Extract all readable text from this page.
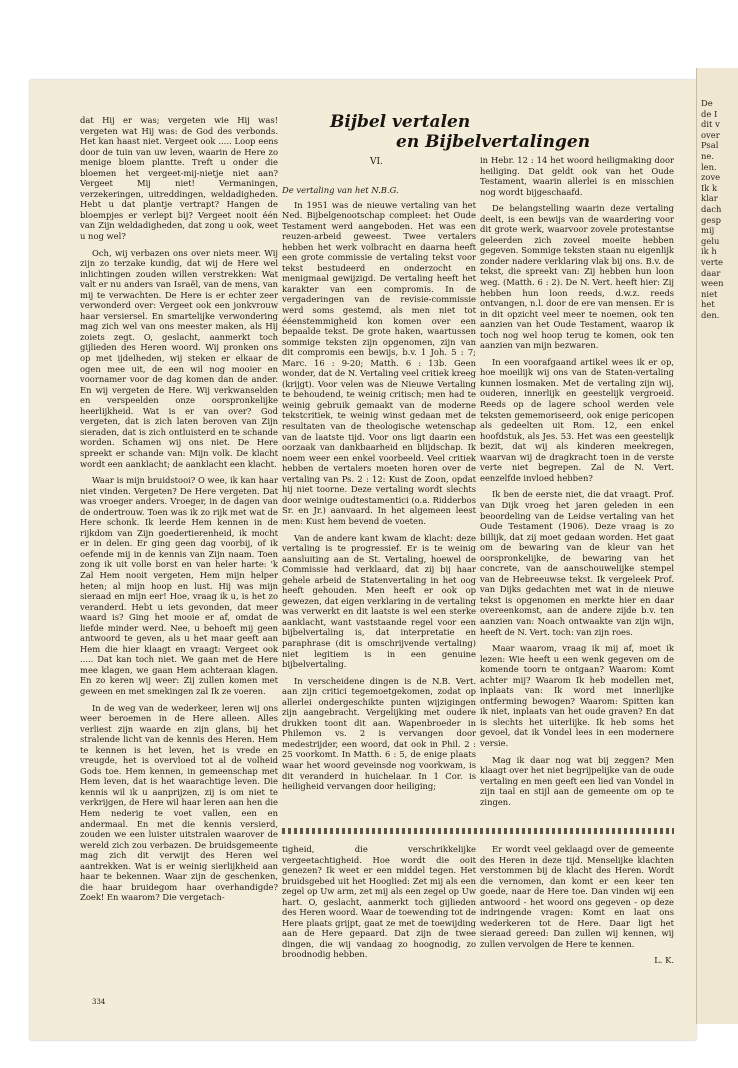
De
de I
dit v
over
Psal
ne.
len.
zove
Ik k
klar
dach
gesp
mij
gelu
ik h
verte
daar
ween
niet
het
den.
Bijbel vertalen
en Bijbelvertalingen
VI.

dat Hij er was; vergeten wie Hij was! vergeten wat Hij was: de God des verbonds. Het kan haast niet. Vergeet ook ..... Loop eens door de tuin van uw leven, waarin de Here zo menige bloem plantte. Treft u onder die bloemen het vergeet-mij-nietje niet aan? Vergeet Mij niet! Vermaningen, verzekeringen, uitreddingen, weldadigheden. Hebt u dat plantje vertrapt? Hangen de bloempjes er verlept bij? Vergeet nooit één van Zijn weldadigheden, dat zong u ook, weet u nog wel?

Och, wij verbazen ons over niets meer. Wij zijn zo terzake kundig, dat wij de Here wel inlichtingen zouden willen verstrekken: Wat valt er nu anders van Israël, van de mens, van mij te verwachten. De Here is er echter zeer verwonderd over: Vergeet ook een jonkvrouw haar versiersel. En smartelijke verwondering mag zich wel van ons meester maken, als Hij zoiets zegt. O, geslacht, aanmerkt toch gijlieden des Heren woord. Wij pronken ons op met ijdelheden, wij steken er elkaar de ogen mee uit, de een wil nog mooier en voornamer voor de dag komen dan de ander. En wij vergeten de Here. Wij verkwanselden en verspeelden onze oorspronkelijke heerlijkheid. Wat is er van over? God vergeten, dat is zich laten beroven van Zijn sieraden, dat is zich ontluisterd en te schande worden. Schamen wij ons niet. De Here spreekt er schande van: Mijn volk. De klacht wordt een aanklacht; de aanklacht een klacht.

Waar is mijn bruidstooi? O wee, ik kan haar niet vinden. Vergeten? De Here vergeten. Dat was vroeger anders. Vroeger, in de dagen van de ondertrouw. Toen was ik zo rijk met wat de Here schonk. Ik leerde Hem kennen in de rijkdom van Zijn goedertierenheid, ik mocht er in delen. Er ging geen dag voorbij, of ik oefende mij in de kennis van Zijn naam. Toen zong ik uit volle borst en van heler harte: 'k Zal Hem nooit vergeten, Hem mijn helper heten; al mijn hoop en lust. Hij was mijn sieraad en mijn eer! Hoe, vraag ik u, is het zo veranderd. Hebt u iets gevonden, dat meer waard is? Ging het mooie er af, omdat de liefde minder werd. Nee, u behoeft mij geen antwoord te geven, als u het maar geeft aan Hem die hier klaagt en vraagt: Vergeet ook ..... Dat kan toch niet. We gaan met de Here mee klagen, we gaan Hem achteraan klagen. En zo keren wij weer: Zij zullen komen met geween en met smekingen zal Ik ze voeren.

In de weg van de wederkeer, leren wij ons weer beroemen in de Here alleen. Alles verliest zijn waarde en zijn glans, bij het stralende licht van de kennis des Heren. Hem te kennen is het leven, het is vrede en vreugde, het is overvloed tot al de volheid Gods toe. Hem kennen, in gemeenschap met Hem leven, dat is het waarachtige leven. Die kennis wil ik u aanprijzen, zij is om niet te verkrijgen, de Here wil haar leren aan hen die Hem nederig te voet vallen, een en andermaal. En met die kennis versierd, zouden we een luister uitstralen waarover de wereld zich zou verbazen. De bruidsgemeente mag zich dit verwijt des Heren wel aantrekken. Wat is er weinig sierlijkheid aan haar te bekennen. Waar zijn de geschenken, die haar bruidegom haar overhandigde? Zoek! En waarom? Die vergetach-

De vertaling van het N.B.G.

In 1951 was de nieuwe vertaling van het Ned. Bijbelgenootschap compleet: het Oude Testament werd aangeboden. Het was een reuzen-arbeid geweest. Twee vertalers hebben het werk volbracht en daarna heeft een grote commissie de vertaling tekst voor tekst bestudeerd en onderzocht en menigmaal gewijzigd. De vertaling heeft het karakter van een compromis. In de vergaderingen van de revisie-commissie werd soms gestemd, als men niet tot ééenstemmigheid kon komen over een bepaalde tekst. De grote haken, waartussen sommige teksten zijn opgenomen, zijn van dit compromis een bewijs, b.v. 1 Joh. 5 : 7; Marc. 16 : 9-20; Matth. 6 : 13b. Geen wonder, dat de N. Vertaling veel critiek kreeg (krijgt). Voor velen was de Nieuwe Vertaling te behoudend, te weinig critisch; men had te weinig gebruik gemaakt van de moderne tekstcritiek, te weinig winst gedaan met de resultaten van de theologische wetenschap van de laatste tijd. Voor ons ligt daarin een oorzaak van dankbaarheid en blijdschap. Ik noem weer een enkel voorbeeld. Veel critiek hebben de vertalers moeten horen over de vertaling van Ps. 2 : 12: Kust de Zoon, opdat hij niet toorne. Deze vertaling wordt slechts door weinige oudtestamentici (o.a. Ridderbos Sr. en Jr.) aanvaard. In het algemeen leest men: Kust hem bevend de voeten.

Van de andere kant kwam de klacht: deze vertaling is te progressief. Er is te weinig aansluiting aan de St. Vertaling, hoewel de Commissie had verklaard, dat zij bij haar gehele arbeid de Statenvertaling in het oog heeft gehouden. Men heeft er ook op gewezen, dat eigen verklaring in de vertaling was verwerkt en dit laatste is wel een sterke aanklacht, want vaststaande regel voor een bijbelvertaling is, dat interpretatie en paraphrase (dit is omschrijvende vertaling) niet legitiem is in een genuine bijbelvertaling.

In verscheidene dingen is de N.B. Vert. aan zijn critici tegemoetgekomen, zodat op allerlei ondergeschikte punten wijzigingen zijn aangebracht. Vergelijking met oudere drukken toont dit aan. Wapenbroeder in Philemon vs. 2 is vervangen door medestrijder, een woord, dat ook in Phil. 2 : 25 voorkomt. In Matth. 6 : 5, de enige plaats waar het woord geveinsde nog voorkwam, is dit veranderd in huichelaar. In 1 Cor. is heiligheid vervangen door heiliging;

in Hebr. 12 : 14 het woord heiligmaking door heiliging. Dat geldt ook van het Oude Testament, waarin allerlei is en misschien nog wordt bijgeschaafd.

De belangstelling waarin deze vertaling deelt, is een bewijs van de waardering voor dit grote werk, waarvoor zovele protestantse geleerden zich zoveel moeite hebben gegeven. Sommige teksten staan nu eigenlijk zonder nadere verklaring vlak bij ons. B.v. de tekst, die spreekt van: Zij hebben hun loon weg. (Matth. 6 : 2). De N. Vert. heeft hier: Zij hebben hun loon reeds, d.w.z. reeds ontvangen, n.l. door de ere van mensen. Er is in dit opzicht veel meer te noemen, ook ten aanzien van het Oude Testament, waarop ik toch nog wel hoop terug te komen, ook ten aanzien van mijn bezwaren.

In een voorafgaand artikel wees ik er op, hoe moeilijk wij ons van de Staten-vertaling kunnen losmaken. Met de vertaling zijn wij, ouderen, innerlijk en geestelijk vergroeid. Reeds op de lagere school werden vele teksten gememoriseerd, ook enige pericopen als gedeelten uit Rom. 12, een enkel hoofdstuk, als Jes. 53. Het was een geestelijk bezit, dat wij als kinderen meekregen, waarvan wij de dragkracht toen in de verste verte niet begrepen. Zal de N. Vert. eenzelfde invloed hebben?

Ik ben de eerste niet, die dat vraagt. Prof. van Dijk vroeg het jaren geleden in een beoordeling van de Leidse vertaling van het Oude Testament (1906). Deze vraag is zo billijk, dat zij moet gedaan worden. Het gaat om de bewaring van de kleur van het oorspronkelijke, de bewaring van het concrete, van de aanschouwelijke stempel van de Hebreeuwse tekst. Ik vergeleek Prof. van Dijks gedachten met wat in de nieuwe tekst is opgenomen en merkte hier en daar overeenkomst, aan de andere zijde b.v. ten aanzien van: Noach ontwaakte van zijn wijn, heeft de N. Vert. toch: van zijn roes.

Maar waarom, vraag ik mij af, moet ik lezen: Wie heeft u een wenk gegeven om de komende toorn te ontgaan? Waarom: Komt achter mij? Waarom Ik heb modellen met, inplaats van: Ik word met innerlijke ontferming bewogen? Waarom: Spitten kan ik niet, inplaats van het oude graven? En dat is slechts het uiterlijke. Ik heb soms het gevoel, dat ik Vondel lees in een modernere versie.

Mag ik daar nog wat bij zeggen? Men klaagt over het niet begrijpelijke van de oude vertaling en men geeft een lied van Vondel in zijn taal en stijl aan de gemeente om op te zingen.

tigheid, die verschrikkelijke vergeetachtigheid. Hoe wordt die ooit genezen? Ik weet er een middel tegen. Het bruidsgebed uit het Hooglied: Zet mij als een zegel op Uw arm, zet mij als een zegel op Uw hart. O, geslacht, aanmerkt toch gijlieden des Heren woord. Waar de toewending tot de Here plaats grijpt, gaat ze met de toewijding aan de Here gepaard. Dat zijn de twee dingen, die wij vandaag zo hoognodig, zo broodnodig hebben.

Er wordt veel geklaagd over de gemeente des Heren in deze tijd. Menselijke klachten verstommen bij de klacht des Heren. Wordt die vernomen, dan komt er een keer ten goede, naar de Here toe. Dan vinden wij een antwoord - het woord ons gegeven - op deze indringende vragen: Komt en laat ons wederkeren tot de Here. Daar ligt het sieraad gereed: Dan zullen wij kennen, wij zullen vervolgen de Here te kennen.

L. K.
334
